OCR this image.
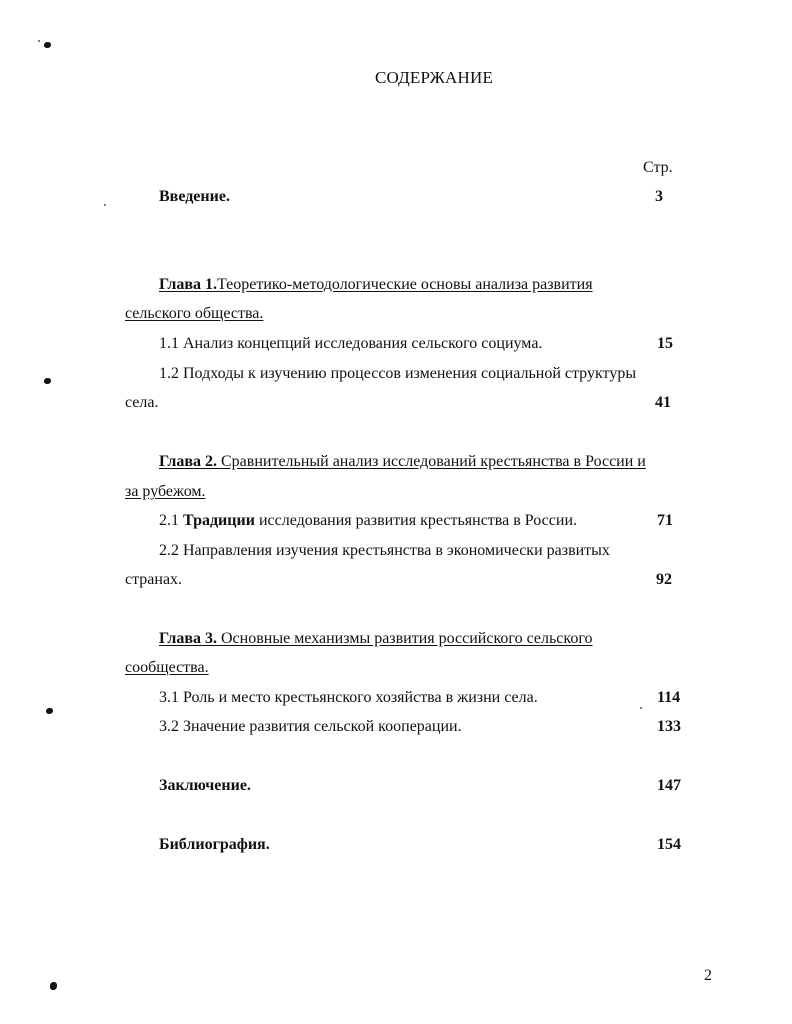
СОДЕРЖАНИЕ
Стр.
Введение.	3
Глава 1.Теоретико-методологические основы анализа развития
сельского общества.
1.1 Анализ концепций исследования сельского социума.	15
1.2 Подходы к изучению процессов изменения социальной структуры
села.	41
Глава 2. Сравнительный анализ исследований крестьянства в России и
за рубежом.
2.1 Традиции исследования развития крестьянства в России.	71
2.2 Направления изучения крестьянства в экономически развитых
странах.	92
Глава 3. Основные механизмы развития российского сельского
сообщества.
3.1 Роль и место крестьянского хозяйства в жизни села.	114
3.2 Значение развития сельской кооперации.	133
Заключение.	147
Библиография.	154
2
